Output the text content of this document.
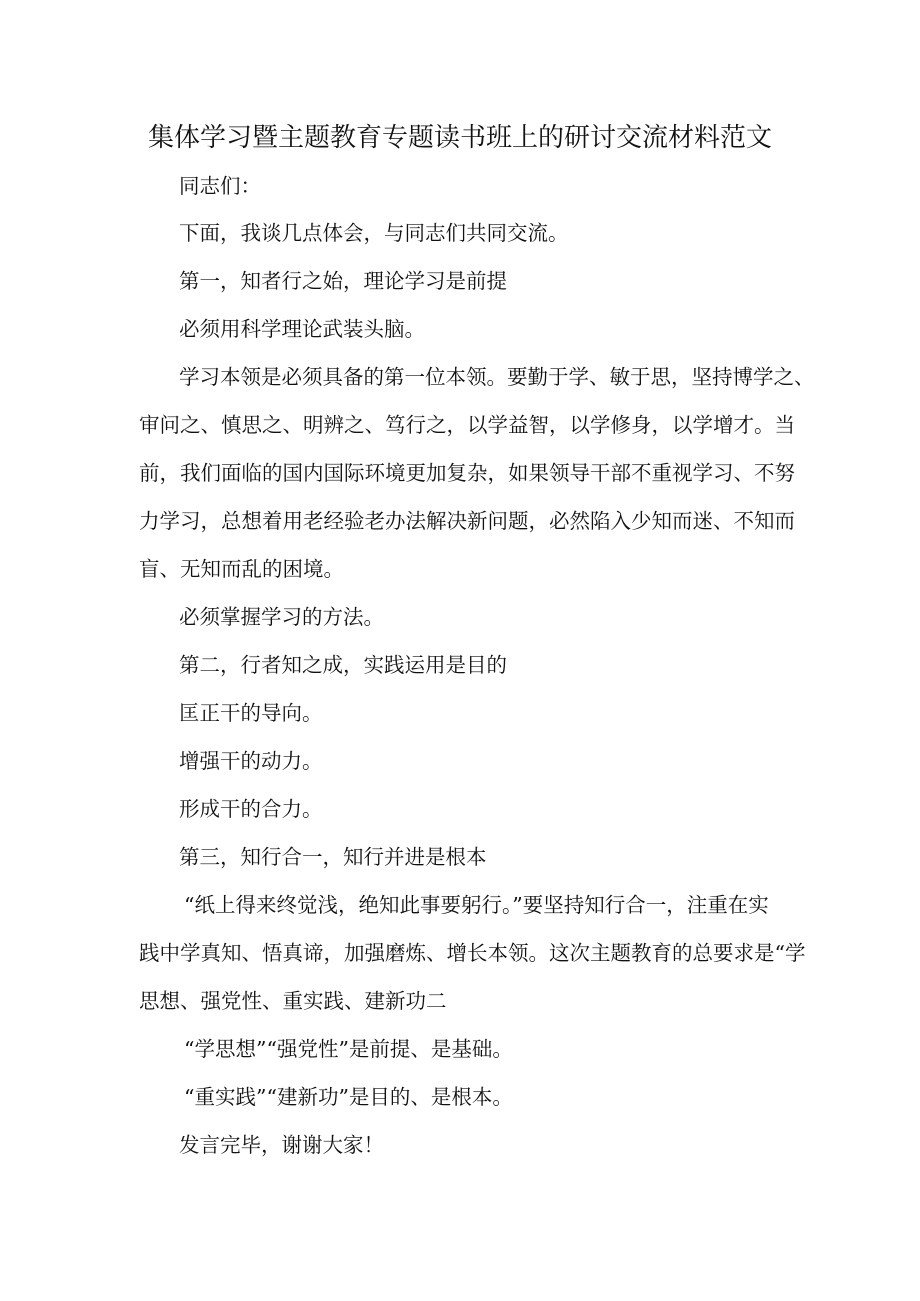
集体学习暨主题教育专题读书班上的研讨交流材料范文
同志们：
下面，我谈几点体会，与同志们共同交流。
第一，知者行之始，理论学习是前提
必须用科学理论武装头脑。
学习本领是必须具备的第一位本领。要勤于学、敏于思，坚持博学之、
审问之、慎思之、明辨之、笃行之，以学益智，以学修身，以学增才。当
前，我们面临的国内国际环境更加复杂，如果领导干部不重视学习、不努
力学习，总想着用老经验老办法解决新问题，必然陷入少知而迷、不知而
盲、无知而乱的困境。
必须掌握学习的方法。
第二，行者知之成，实践运用是目的
匡正干的导向。
增强干的动力。
形成干的合力。
第三，知行合一，知行并进是根本
“纸上得来终觉浅，绝知此事要躬行。”要坚持知行合一，注重在实
践中学真知、悟真谛，加强磨炼、增长本领。这次主题教育的总要求是“学
思想、强党性、重实践、建新功二
“学思想”“强党性”是前提、是基础。
“重实践”“建新功”是目的、是根本。
发言完毕，谢谢大家！
